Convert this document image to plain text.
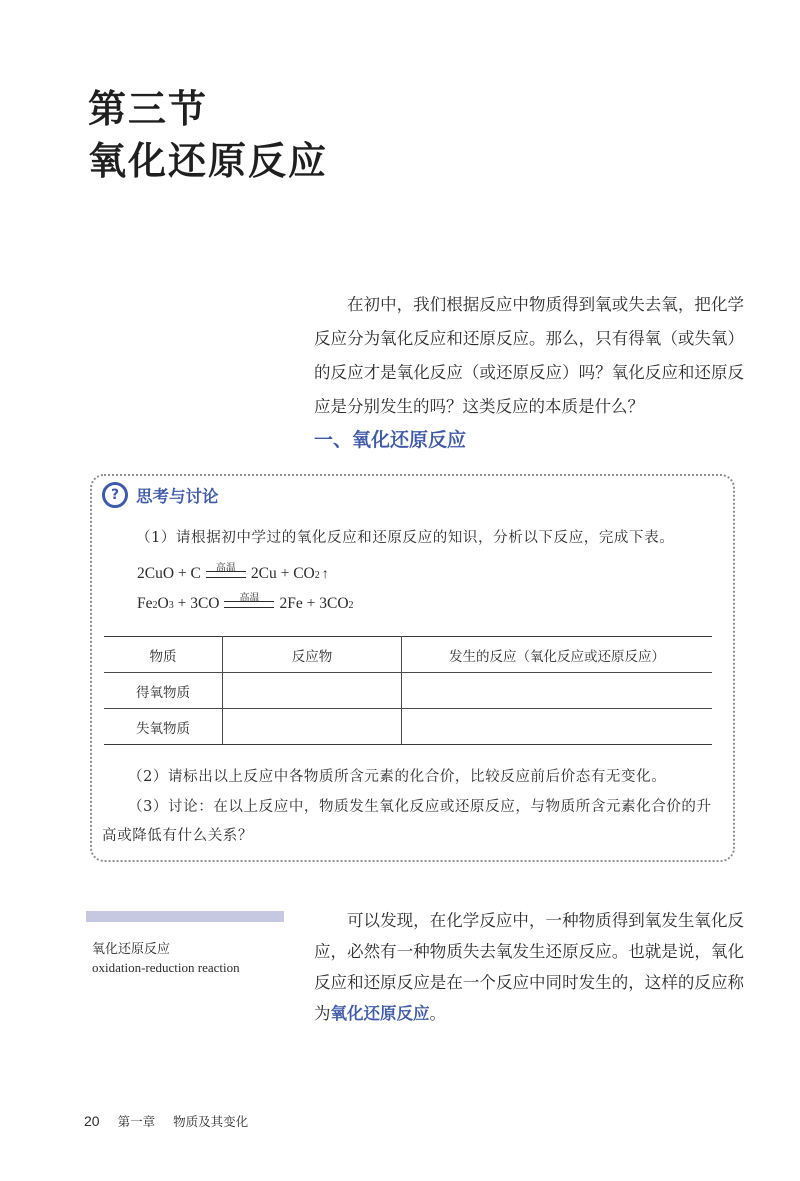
第三节
氧化还原反应
在初中，我们根据反应中物质得到氧或失去氧，把化学反应分为氧化反应和还原反应。那么，只有得氧（或失氧）的反应才是氧化反应（或还原反应）吗？氧化反应和还原反应是分别发生的吗？这类反应的本质是什么？
一、氧化还原反应
?	思考与讨论
（1）请根据初中学过的氧化反应和还原反应的知识，分析以下反应，完成下表。
2CuO + C	高温 2Cu + CO 2 ↑
Fe 2 O 3 + 3CO	高温	2Fe + 3CO 2
物质	反应物	发生的反应（氧化反应或还原反应）
得氧物质		
失氧物质		
（2）请标出以上反应中各物质所含元素的化合价，比较反应前后价态有无变化。
（3）讨论：在以上反应中，物质发生氧化反应或还原反应，与物质所含元素化合价的升高或降低有什么关系？
氧化还原反应
oxidation-reduction reaction
可以发现，在化学反应中，一种物质得到氧发生氧化反应，必然有一种物质失去氧发生还原反应。也就是说，氧化反应和还原反应是在一个反应中同时发生的，这样的反应称为氧化还原反应。
20 第一章 物质及其变化
